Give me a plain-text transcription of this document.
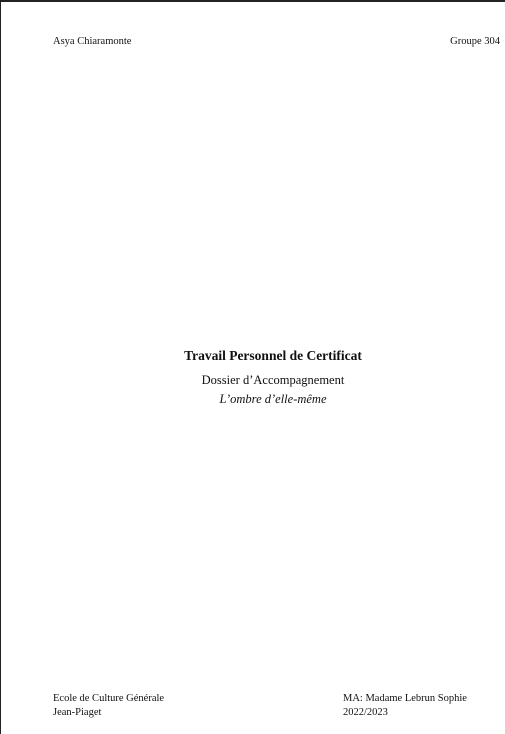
Asya Chiaramonte	Groupe 304
Travail Personnel de Certificat
Dossier d’Accompagnement
L’ombre d’elle-même
Ecole de Culture Générale
Jean-Piaget
MA: Madame Lebrun Sophie
2022/2023
